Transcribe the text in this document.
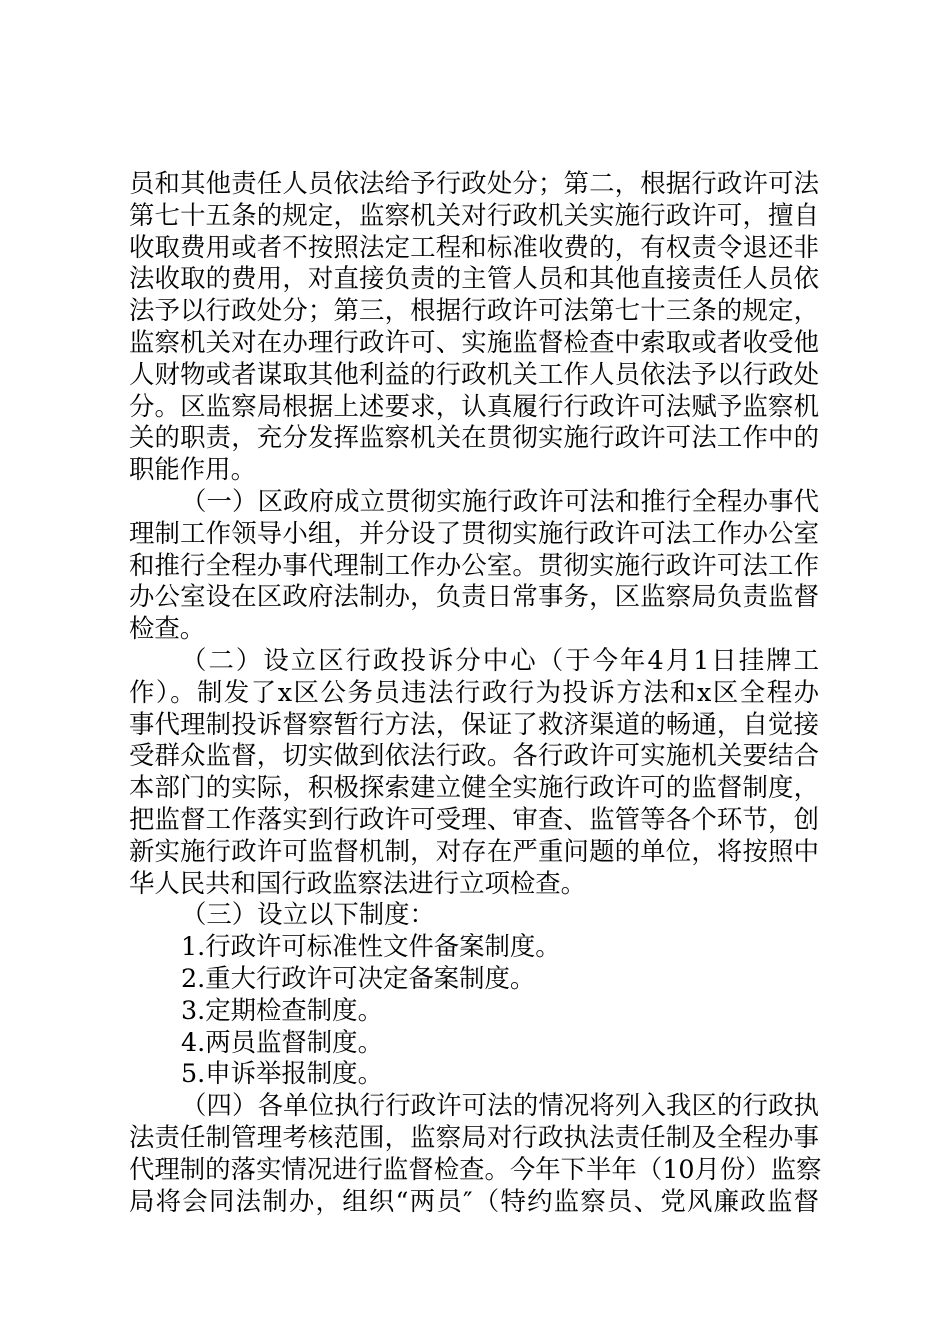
员和其他责任人员依法给予行政处分；第二，根据行政许可法
第七十五条的规定，监察机关对行政机关实施行政许可，擅自
收取费用或者不按照法定工程和标准收费的，有权责令退还非
法收取的费用，对直接负责的主管人员和其他直接责任人员依
法予以行政处分；第三，根据行政许可法第七十三条的规定，
监察机关对在办理行政许可、实施监督检查中索取或者收受他
人财物或者谋取其他利益的行政机关工作人员依法予以行政处
分。区监察局根据上述要求，认真履行行政许可法赋予监察机
关的职责，充分发挥监察机关在贯彻实施行政许可法工作中的
职能作用。
（一）区政府成立贯彻实施行政许可法和推行全程办事代
理制工作领导小组，并分设了贯彻实施行政许可法工作办公室
和推行全程办事代理制工作办公室。贯彻实施行政许可法工作
办公室设在区政府法制办，负责日常事务，区监察局负责监督
检查。
（二）设立区行政投诉分中心（于今年4月1日挂牌工
作）。制发了x区公务员违法行政行为投诉方法和x区全程办
事代理制投诉督察暂行方法，保证了救济渠道的畅通，自觉接
受群众监督，切实做到依法行政。各行政许可实施机关要结合
本部门的实际，积极探索建立健全实施行政许可的监督制度，
把监督工作落实到行政许可受理、审查、监管等各个环节，创
新实施行政许可监督机制，对存在严重问题的单位，将按照中
华人民共和国行政监察法进行立项检查。
（三）设立以下制度：
1.行政许可标准性文件备案制度。
2.重大行政许可决定备案制度。
3.定期检查制度。
4.两员监督制度。
5.申诉举报制度。
（四）各单位执行行政许可法的情况将列入我区的行政执
法责任制管理考核范围，监察局对行政执法责任制及全程办事
代理制的落实情况进行监督检查。今年下半年（10月份）监察
局将会同法制办，组织“两员″（特约监察员、党风廉政监督
